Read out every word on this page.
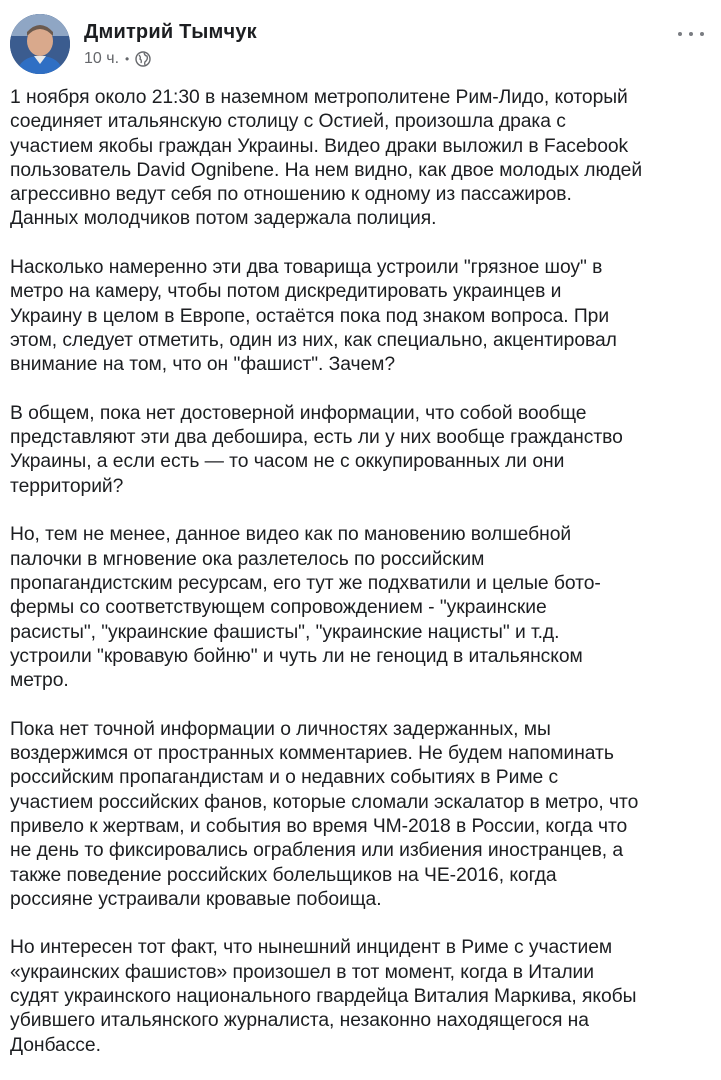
Дмитрий Тымчук
10 ч. •

1 ноября около 21:30 в наземном метрополитене Рим-Лидо, который
соединяет итальянскую столицу с Остией, произошла драка с
участием якобы граждан Украины. Видео драки выложил в Facebook
пользователь David Ognibene. На нем видно, как двое молодых людей
агрессивно ведут себя по отношению к одному из пассажиров.
Данных молодчиков потом задержала полиция.

Насколько намеренно эти два товарища устроили "грязное шоу" в
метро на камеру, чтобы потом дискредитировать украинцев и
Украину в целом в Европе, остаётся пока под знаком вопроса. При
этом, следует отметить, один из них, как специально, акцентировал
внимание на том, что он "фашист". Зачем?

В общем, пока нет достоверной информации, что собой вообще
представляют эти два дебошира, есть ли у них вообще гражданство
Украины, а если есть — то часом не с оккупированных ли они
территорий?

Но, тем не менее, данное видео как по мановению волшебной
палочки в мгновение ока разлетелось по российским
пропагандистским ресурсам, его тут же подхватили и целые бото-
фермы со соответствующем сопровождением - "украинские
расисты", "украинские фашисты", "украинские нацисты" и т.д.
устроили "кровавую бойню" и чуть ли не геноцид в итальянском
метро.

Пока нет точной информации о личностях задержанных, мы
воздержимся от пространных комментариев. Не будем напоминать
российским пропагандистам и о недавних событиях в Риме с
участием российских фанов, которые сломали эскалатор в метро, что
привело к жертвам, и события во время ЧМ-2018 в России, когда что
не день то фиксировались ограбления или избиения иностранцев, а
также поведение российских болельщиков на ЧЕ-2016, когда
россияне устраивали кровавые побоища.

Но интересен тот факт, что нынешний инцидент в Риме с участием
«украинских фашистов» произошел в тот момент, когда в Италии
судят украинского национального гвардейца Виталия Маркива, якобы
убившего итальянского журналиста, незаконно находящегося на
Донбассе.
